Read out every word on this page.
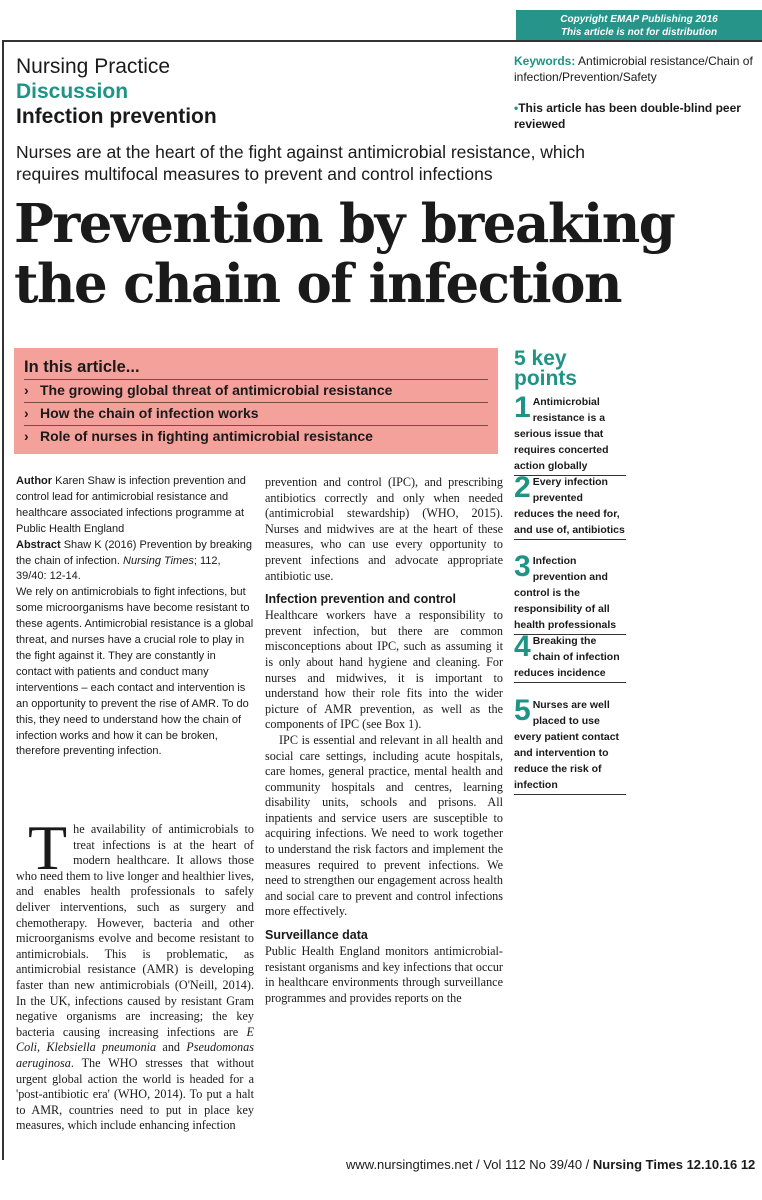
Copyright EMAP Publishing 2016
This article is not for distribution
Nursing Practice
Discussion
Infection prevention
Keywords: Antimicrobial resistance/Chain of infection/Prevention/Safety
•This article has been double-blind peer reviewed
Nurses are at the heart of the fight against antimicrobial resistance, which requires multifocal measures to prevent and control infections
Prevention by breaking
the chain of infection
In this article...
› The growing global threat of antimicrobial resistance
› How the chain of infection works
› Role of nurses in fighting antimicrobial resistance
5 key points
1 Antimicrobial resistance is a serious issue that requires concerted action globally
2 Every infection prevented reduces the need for, and use of, antibiotics
3 Infection prevention and control is the responsibility of all health professionals
4 Breaking the chain of infection reduces incidence
5 Nurses are well placed to use every patient contact and intervention to reduce the risk of infection

Author Karen Shaw is infection prevention and control lead for antimicrobial resistance and healthcare associated infections programme at Public Health England

Abstract Shaw K (2016) Prevention by breaking the chain of infection. Nursing Times; 112, 39/40: 12-14.

We rely on antimicrobials to fight infections, but some microorganisms have become resistant to these agents. Antimicrobial resistance is a global threat, and nurses have a crucial role to play in the fight against it. They are constantly in contact with patients and conduct many interventions – each contact and intervention is an opportunity to prevent the rise of AMR. To do this, they need to understand how the chain of infection works and how it can be broken, therefore preventing infection.

The availability of antimicrobials to treat infections is at the heart of modern healthcare. It allows those who need them to live longer and healthier lives, and enables health professionals to safely deliver interventions, such as surgery and chemotherapy. However, bacteria and other microorganisms evolve and become resistant to antimicrobials. This is problematic, as antimicrobial resistance (AMR) is developing faster than new antimicrobials (O'Neill, 2014). In the UK, infections caused by resistant Gram negative organisms are increasing; the key bacteria causing increasing infections are E Coli, Klebsiella pneumonia and Pseudomonas aeruginosa. The WHO stresses that without urgent global action the world is headed for a 'post-antibiotic era' (WHO, 2014). To put a halt to AMR, countries need to put in place key measures, which include enhancing infection

prevention and control (IPC), and prescribing antibiotics correctly and only when needed (antimicrobial stewardship) (WHO, 2015). Nurses and midwives are at the heart of these measures, who can use every opportunity to prevent infections and advocate appropriate antibiotic use.

Infection prevention and control

Healthcare workers have a responsibility to prevent infection, but there are common misconceptions about IPC, such as assuming it is only about hand hygiene and cleaning. For nurses and midwives, it is important to understand how their role fits into the wider picture of AMR prevention, as well as the components of IPC (see Box 1).

IPC is essential and relevant in all health and social care settings, including acute hospitals, care homes, general practice, mental health and community hospitals and centres, learning disability units, schools and prisons. All inpatients and service users are susceptible to acquiring infections. We need to work together to understand the risk factors and implement the measures required to prevent infections. We need to strengthen our engagement across health and social care to prevent and control infections more effectively.

Surveillance data

Public Health England monitors antimicrobial-resistant organisms and key infections that occur in healthcare environments through surveillance programmes and provides reports on the

www.nursingtimes.net / Vol 112 No 39/40 / Nursing Times 12.10.16 12
